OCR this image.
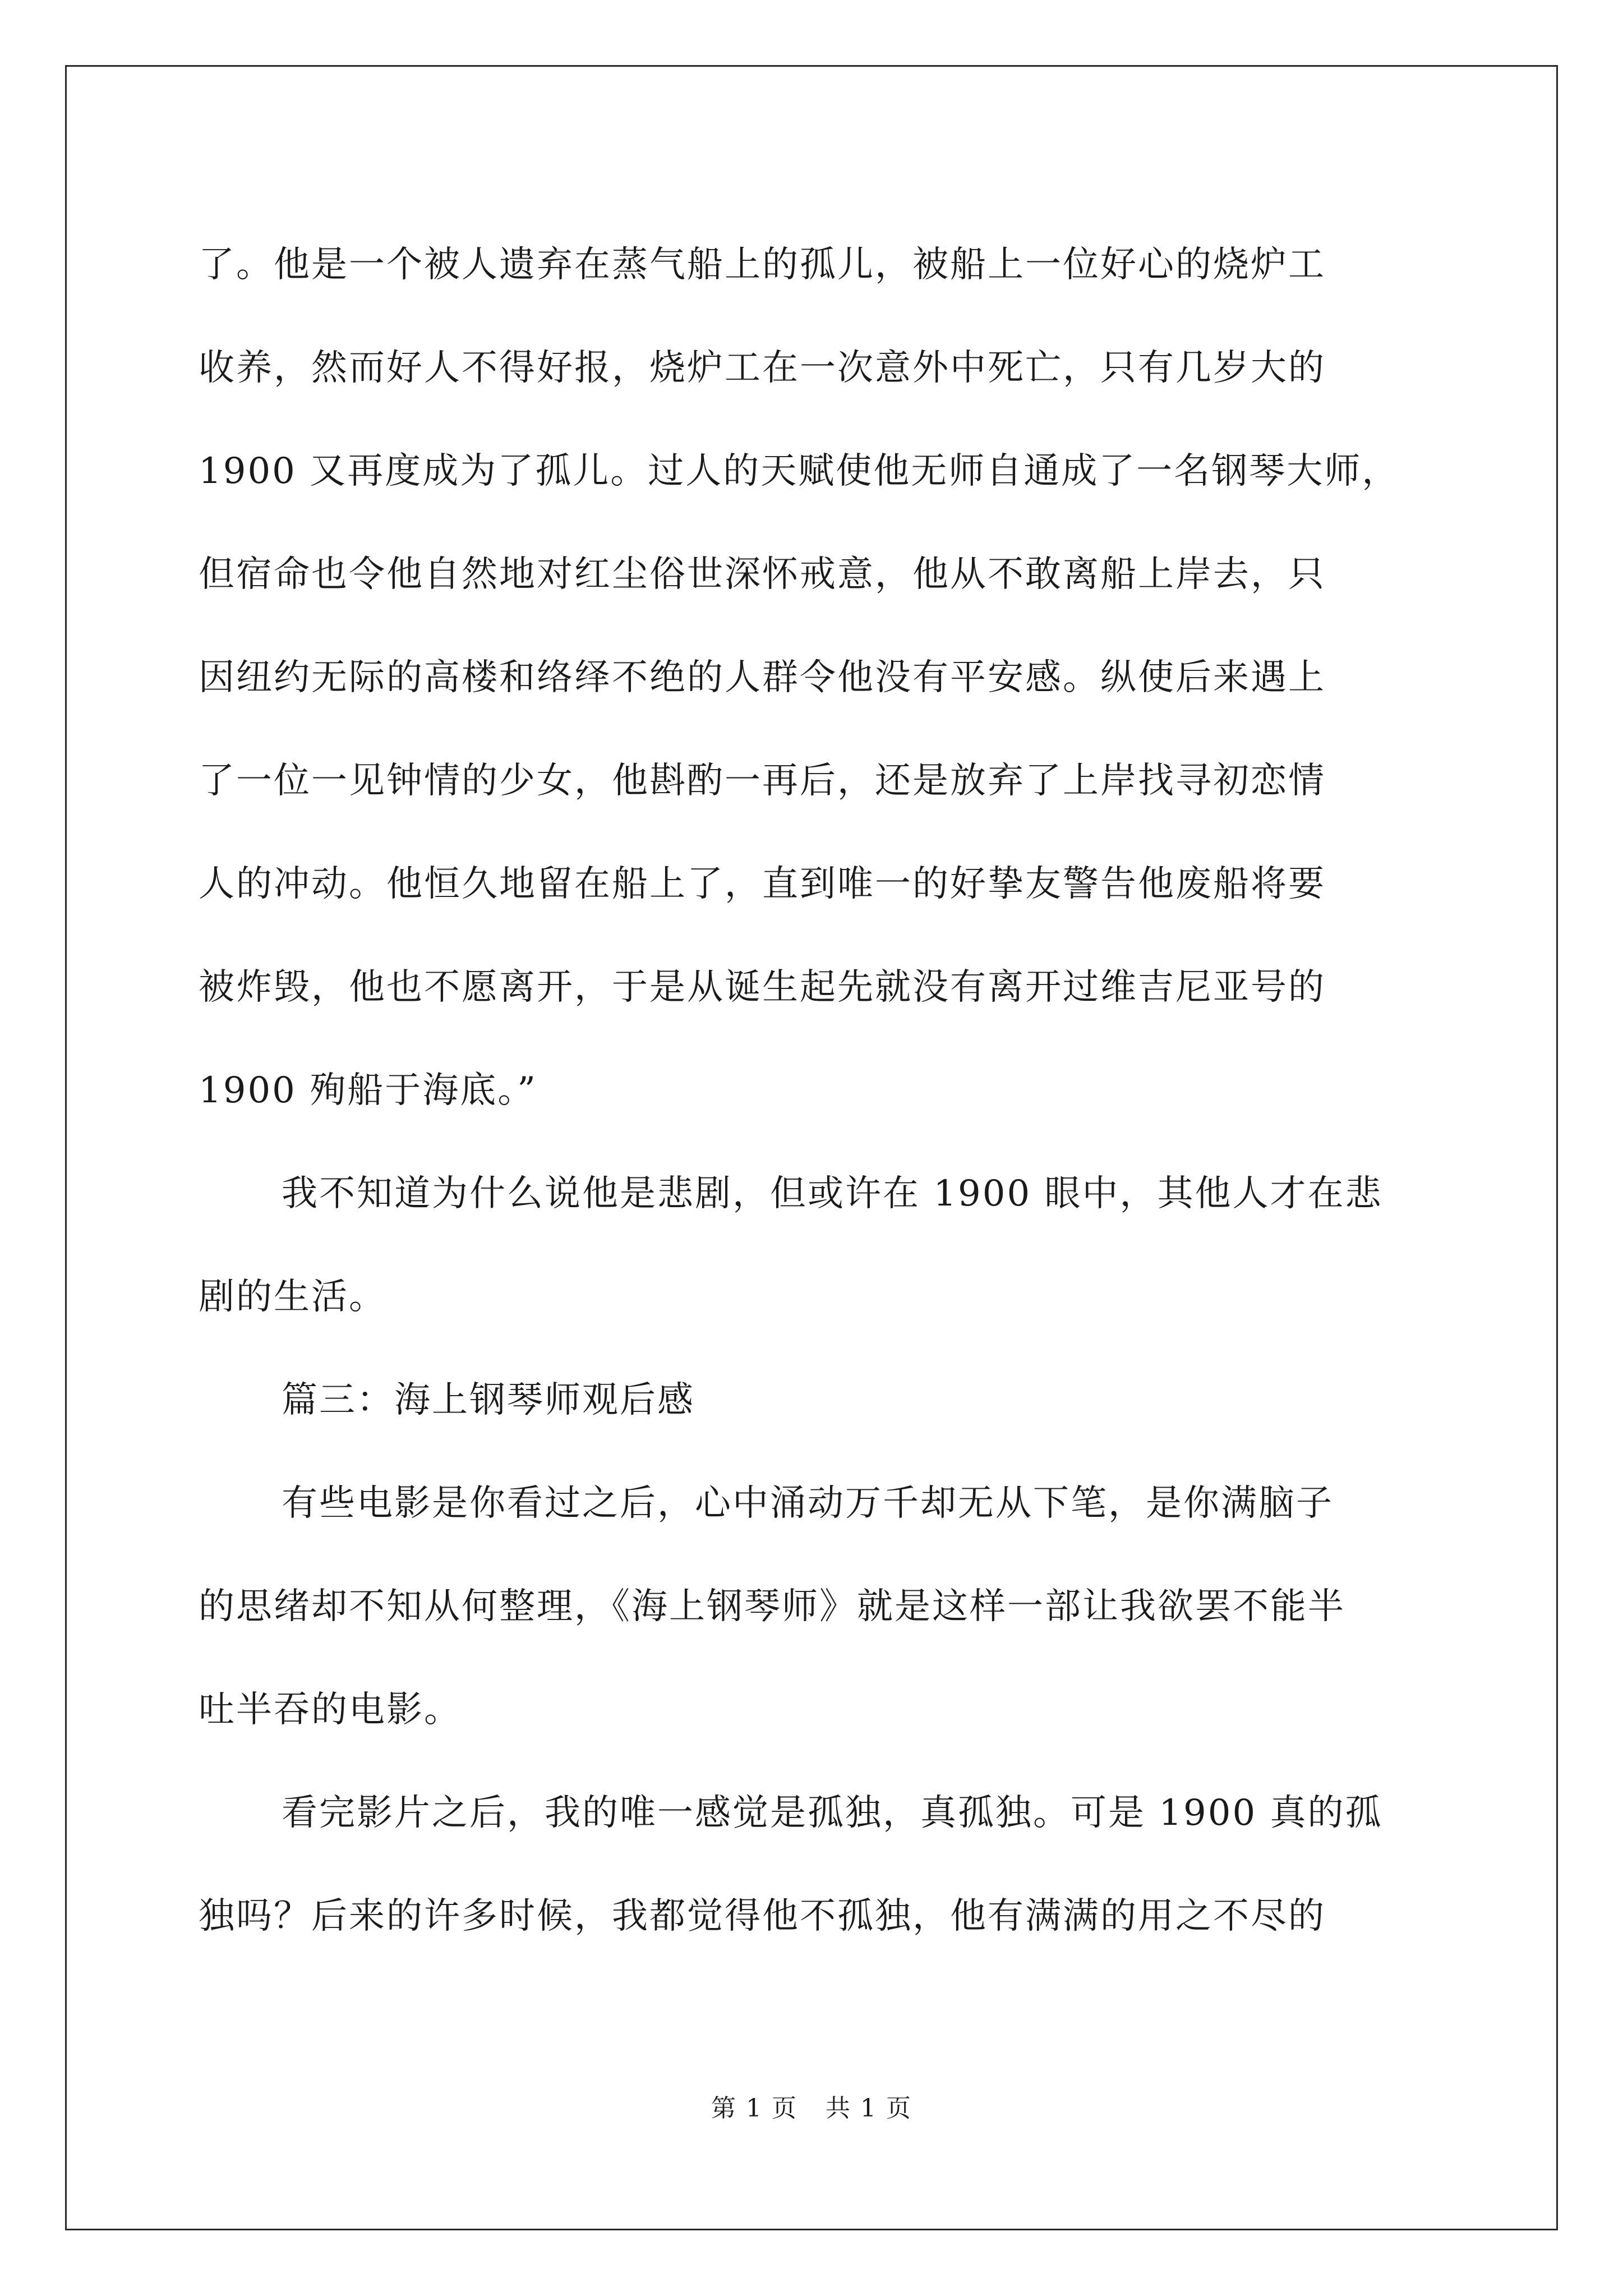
了。他是一个被人遗弃在蒸气船上的孤儿，被船上一位好心的烧炉工
收养，然而好人不得好报，烧炉工在一次意外中死亡，只有几岁大的
1900 又再度成为了孤儿。过人的天赋使他无师自通成了一名钢琴大师，
但宿命也令他自然地对红尘俗世深怀戒意，他从不敢离船上岸去，只
因纽约无际的高楼和络绎不绝的人群令他没有平安感。纵使后来遇上
了一位一见钟情的少女，他斟酌一再后，还是放弃了上岸找寻初恋情
人的冲动。他恒久地留在船上了，直到唯一的好挚友警告他废船将要
被炸毁，他也不愿离开，于是从诞生起先就没有离开过维吉尼亚号的
1900 殉船于海底。”
我不知道为什么说他是悲剧，但或许在 1900 眼中，其他人才在悲
剧的生活。
篇三：海上钢琴师观后感
有些电影是你看过之后，心中涌动万千却无从下笔，是你满脑子
的思绪却不知从何整理，《海上钢琴师》就是这样一部让我欲罢不能半
吐半吞的电影。
看完影片之后，我的唯一感觉是孤独，真孤独。可是 1900 真的孤
独吗？后来的许多时候，我都觉得他不孤独，他有满满的用之不尽的
第 1 页 共 1 页
